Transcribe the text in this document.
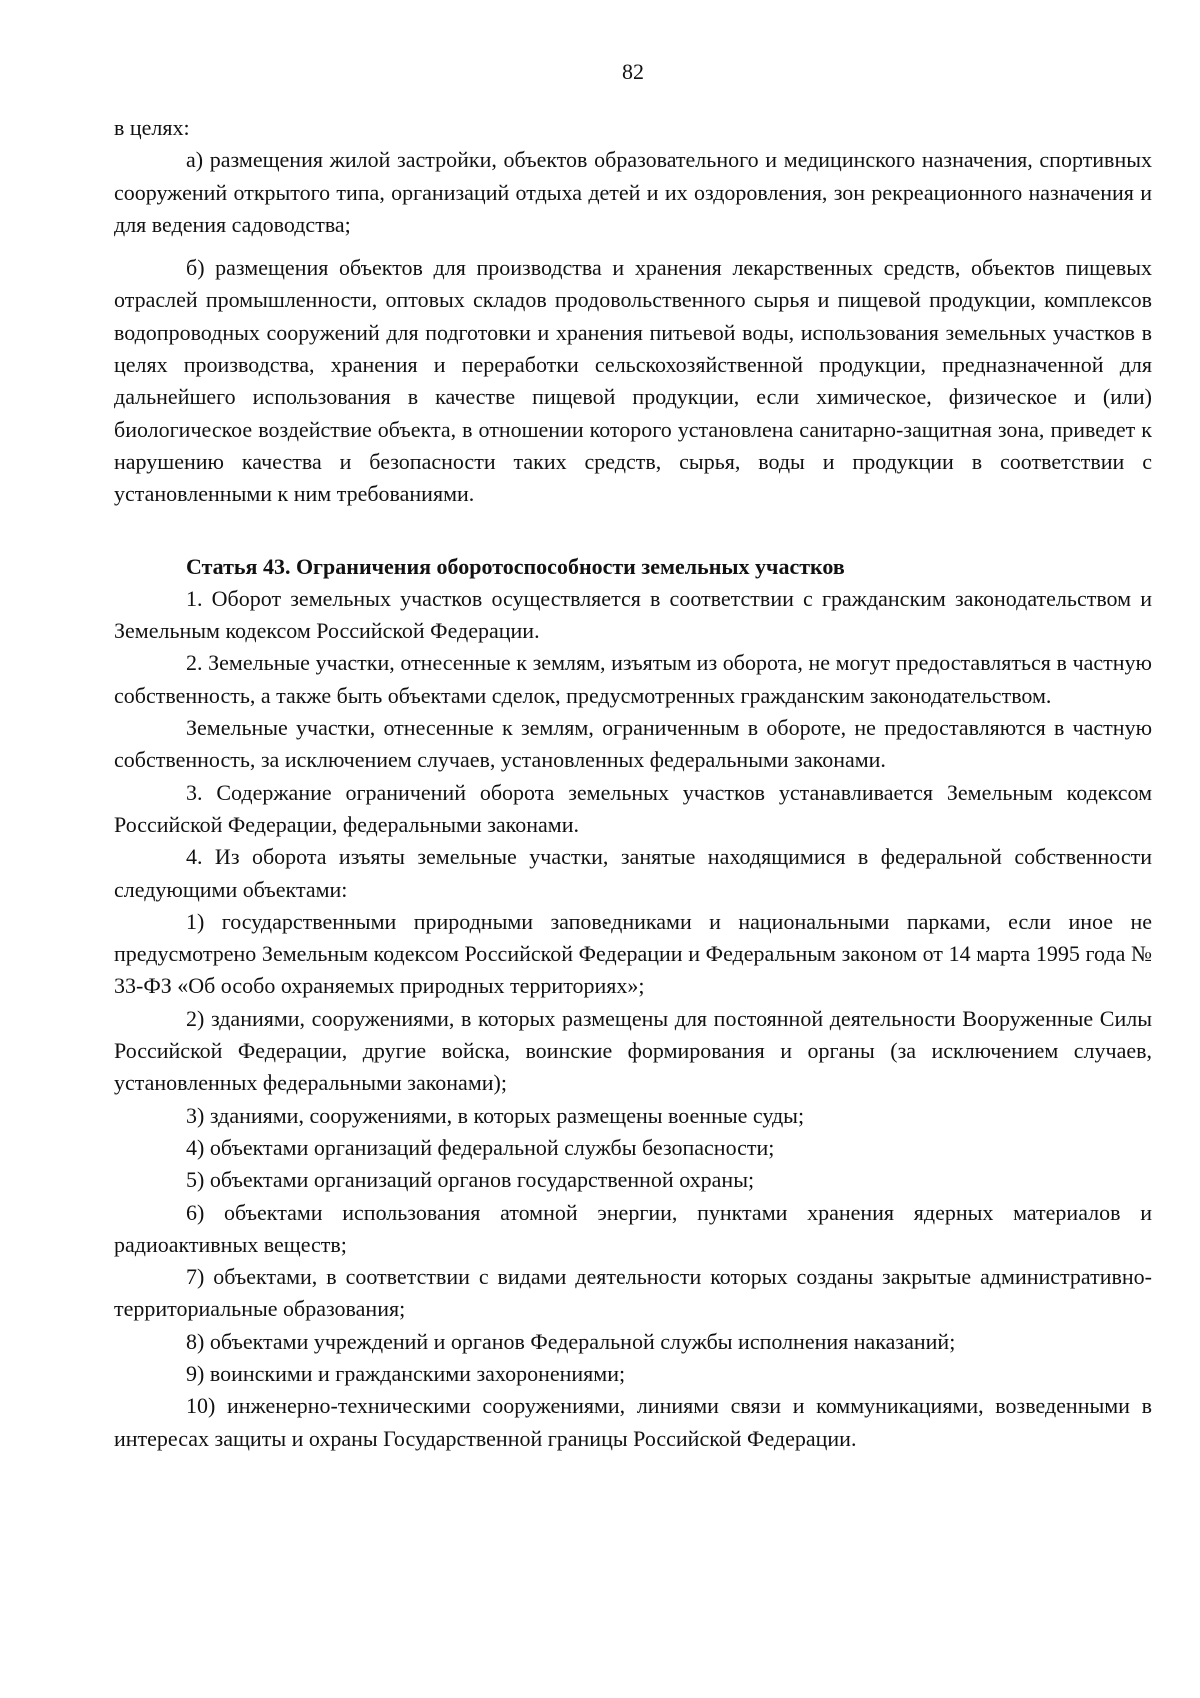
82

в целях:

а) размещения жилой застройки, объектов образовательного и медицинского назначения, спортивных сооружений открытого типа, организаций отдыха детей и их оздоровления, зон рекреационного назначения и для ведения садоводства;

б) размещения объектов для производства и хранения лекарственных средств, объектов пищевых отраслей промышленности, оптовых складов продовольственного сырья и пищевой продукции, комплексов водопроводных сооружений для подготовки и хранения питьевой воды, использования земельных участков в целях производства, хранения и переработки сельскохозяйственной продукции, предназначенной для дальнейшего использования в качестве пищевой продукции, если химическое, физическое и (или) биологическое воздействие объекта, в отношении которого установлена санитарно-защитная зона, приведет к нарушению качества и безопасности таких средств, сырья, воды и продукции в соответствии с установленными к ним требованиями.

Статья 43. Ограничения оборотоспособности земельных участков

1. Оборот земельных участков осуществляется в соответствии с гражданским законодательством и Земельным кодексом Российской Федерации.

2. Земельные участки, отнесенные к землям, изъятым из оборота, не могут предоставляться в частную собственность, а также быть объектами сделок, предусмотренных гражданским законодательством.

Земельные участки, отнесенные к землям, ограниченным в обороте, не предоставляются в частную собственность, за исключением случаев, установленных федеральными законами.

3. Содержание ограничений оборота земельных участков устанавливается Земельным кодексом Российской Федерации, федеральными законами.

4. Из оборота изъяты земельные участки, занятые находящимися в федеральной собственности следующими объектами:

1) государственными природными заповедниками и национальными парками, если иное не предусмотрено Земельным кодексом Российской Федерации и Федеральным законом от 14 марта 1995 года № 33-ФЗ «Об особо охраняемых природных территориях»;

2) зданиями, сооружениями, в которых размещены для постоянной деятельности Вооруженные Силы Российской Федерации, другие войска, воинские формирования и органы (за исключением случаев, установленных федеральными законами);

3) зданиями, сооружениями, в которых размещены военные суды;

4) объектами организаций федеральной службы безопасности;

5) объектами организаций органов государственной охраны;

6) объектами использования атомной энергии, пунктами хранения ядерных материалов и радиоактивных веществ;

7) объектами, в соответствии с видами деятельности которых созданы закрытые административно-территориальные образования;

8) объектами учреждений и органов Федеральной службы исполнения наказаний;

9) воинскими и гражданскими захоронениями;

10) инженерно-техническими сооружениями, линиями связи и коммуникациями, возведенными в интересах защиты и охраны Государственной границы Российской Федерации.
